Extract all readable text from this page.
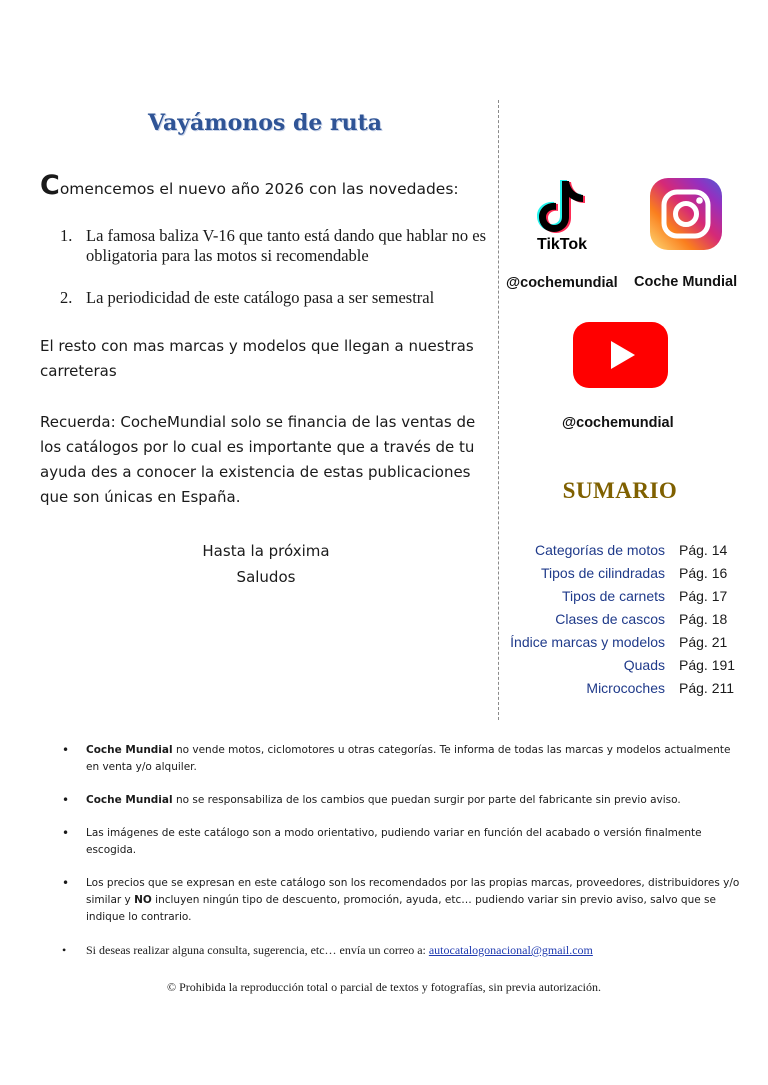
Vayámonos de ruta
Comencemos el nuevo año 2026 con las novedades:
1. La famosa baliza V-16 que tanto está dando que hablar no es obligatoria para las motos si recomendable
2. La periodicidad de este catálogo pasa a ser semestral

El resto con mas marcas y modelos que llegan a nuestras carreteras

Recuerda: CocheMundial solo se financia de las ventas de los catálogos por lo cual es importante que a través de tu ayuda des a conocer la existencia de estas publicaciones que son únicas en España.

Hasta la próxima
Saludos
TikTok
@cochemundial Coche Mundial
@cochemundial
SUMARIO
Categorías de motos Pág. 14
Tipos de cilindradas Pág. 16
Tipos de carnets Pág. 17
Clases de cascos Pág. 18
Índice marcas y modelos Pág. 21
Quads Pág. 191
Microcoches Pág. 211
• Coche Mundial no vende motos, ciclomotores u otras categorías. Te informa de todas las marcas y modelos actualmente en venta y/o alquiler.
• Coche Mundial no se responsabiliza de los cambios que puedan surgir por parte del fabricante sin previo aviso.
• Las imágenes de este catálogo son a modo orientativo, pudiendo variar en función del acabado o versión finalmente escogida.
• Los precios que se expresan en este catálogo son los recomendados por las propias marcas, proveedores, distribuidores y/o similar y NO incluyen ningún tipo de descuento, promoción, ayuda, etc… pudiendo variar sin previo aviso, salvo que se indique lo contrario.
• Si deseas realizar alguna consulta, sugerencia, etc… envía un correo a: autocatalogonacional@gmail.com
© Prohibida la reproducción total o parcial de textos y fotografías, sin previa autorización.
